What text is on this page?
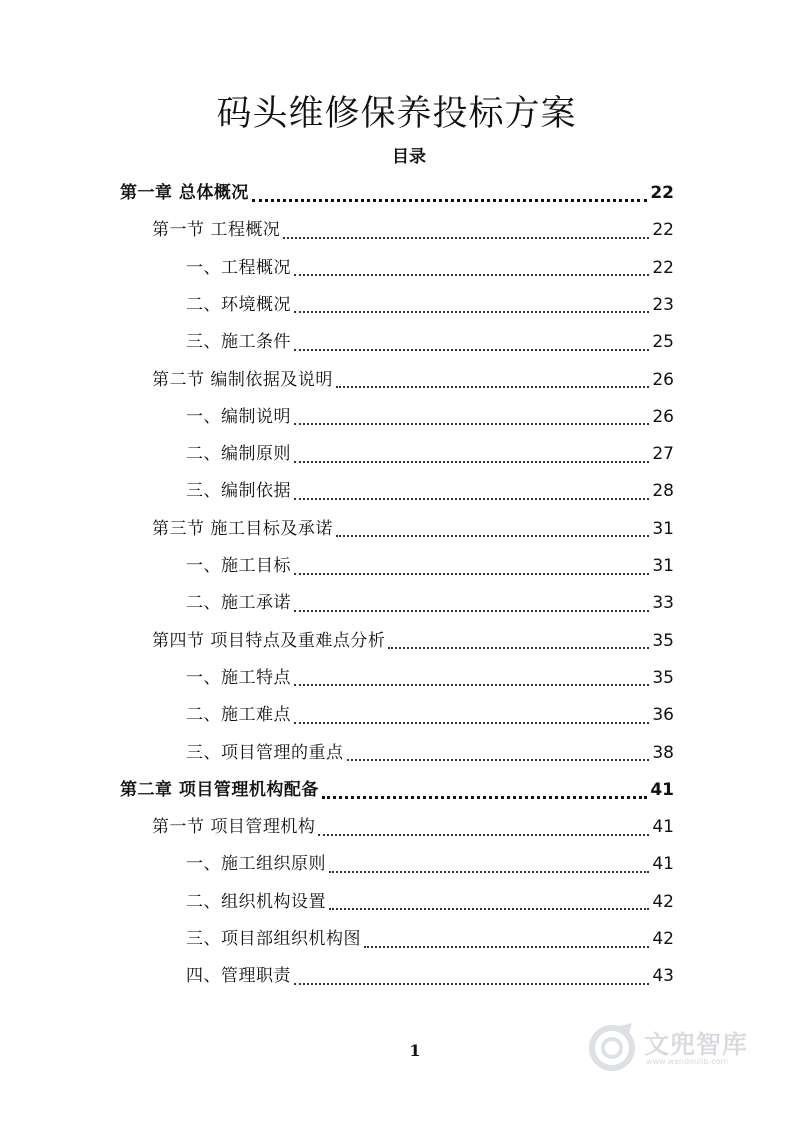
码头维修保养投标方案
目录
第一章 总体概况	22
第一节 工程概况	22
一、工程概况	22
二、环境概况	23
三、施工条件	25
第二节 编制依据及说明	26
一、编制说明	26
二、编制原则	27
三、编制依据	28
第三节 施工目标及承诺	31
一、施工目标	31
二、施工承诺	33
第四节 项目特点及重难点分析	35
一、施工特点	35
二、施工难点	36
三、项目管理的重点	38
第二章 项目管理机构配备	41
第一节 项目管理机构	41
一、施工组织原则	41
二、组织机构设置	42
三、项目部组织机构图	42
四、管理职责	43
1	文兜智库
www.wendoulib.com
